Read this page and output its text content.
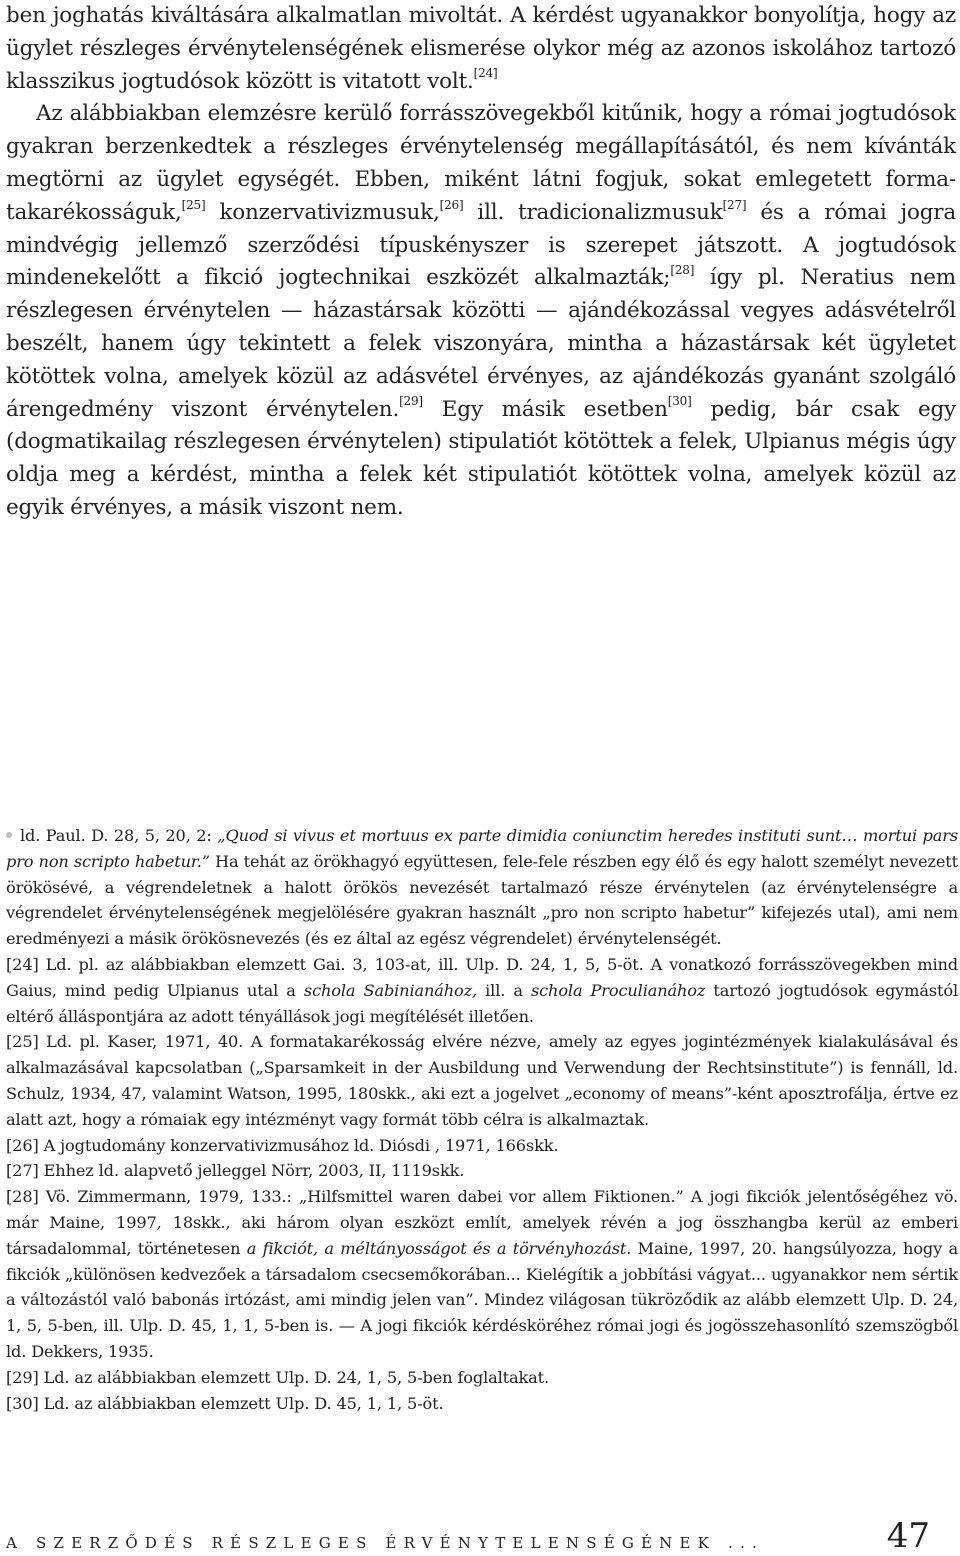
ben joghatás kiváltására alkalmatlan mivoltát. A kérdést ugyanakkor bonyolítja, hogy az ügylet részleges érvénytelenségének elismerése olykor még az azonos iskolához tartozó klasszikus jogtudósok között is vitatott volt.[24]

Az alábbiakban elemzésre kerülő forrásszövegekből kitűnik, hogy a római jogtudósok gyakran berzenkedtek a részleges érvénytelenség megállapításától, és nem kívánták megtörni az ügylet egységét. Ebben, miként látni fogjuk, sokat emlegetett forma-takarékosságuk,[25] konzervativizmusuk,[26] ill. tradicionalizmusuk[27] és a római jogra mindvégig jellemző szerződési típuskényszer is szerepet játszott. A jogtudósok mindenekelőtt a fikció jogtechnikai eszközét alkalmazták;[28] így pl. Neratius nem részlegesen érvénytelen — házastársak közötti — ajándékozással vegyes adásvételről beszélt, hanem úgy tekintett a felek viszonyára, mintha a házastársak két ügyletet kötöttek volna, amelyek közül az adásvétel érvényes, az ajándékozás gyanánt szolgáló árengedmény viszont érvénytelen.[29] Egy másik esetben[30] pedig, bár csak egy (dogmatikailag részlegesen érvénytelen) stipulatiót kötöttek a felek, Ulpianus mégis úgy oldja meg a kérdést, mintha a felek két stipulatiót kötöttek volna, amelyek közül az egyik érvényes, a másik viszont nem.

ld. Paul. D. 28, 5, 20, 2: „Quod si vivus et mortuus ex parte dimidia coniunctim heredes instituti sunt… mortui pars pro non scripto habetur.” Ha tehát az örökhagyó együttesen, fele-fele részben egy élő és egy halott személyt nevezett örökösévé, a végrendeletnek a halott örökös nevezését tartalmazó része érvénytelen (az érvénytelenségre a végrendelet érvénytelenségének megjelölésére gyakran használt „pro non scripto habetur” kifejezés utal), ami nem eredményezi a másik örökösnevezés (és ez által az egész végrendelet) érvénytelenségét.

[24] Ld. pl. az alábbiakban elemzett Gai. 3, 103-at, ill. Ulp. D. 24, 1, 5, 5-öt. A vonatkozó forrásszövegekben mind Gaius, mind pedig Ulpianus utal a schola Sabinianához, ill. a schola Proculianához tartozó jogtudósok egymástól eltérő álláspontjára az adott tényállások jogi megítélését illetően.

[25] Ld. pl. Kaser, 1971, 40. A formatakarékosság elvére nézve, amely az egyes jogintézmények kialakulásával és alkalmazásával kapcsolatban („Sparsamkeit in der Ausbildung und Verwendung der Rechtsinstitute”) is fennáll, ld. Schulz, 1934, 47, valamint Watson, 1995, 180skk., aki ezt a jogelvet „economy of means”-ként aposztrofálja, értve ez alatt azt, hogy a rómaiak egy intézményt vagy formát több célra is alkalmaztak.

[26] A jogtudomány konzervativizmusához ld. Diósdi , 1971, 166skk.

[27] Ehhez ld. alapvető jelleggel Nörr, 2003, II, 1119skk.

[28] Vö. Zimmermann, 1979, 133.: „Hilfsmittel waren dabei vor allem Fiktionen.” A jogi fikciók jelentőségéhez vö. már Maine, 1997, 18skk., aki három olyan eszközt említ, amelyek révén a jog összhangba kerül az emberi társadalommal, történetesen a fikciót, a méltányosságot és a törvényhozást. Maine, 1997, 20. hangsúlyozza, hogy a fikciók „különösen kedvezőek a társadalom csecsemőkorában... Kielégítik a jobbítási vágyat... ugyanakkor nem sértik a változástól való babonás irtózást, ami mindig jelen van”. Mindez világosan tükröződik az alább elemzett Ulp. D. 24, 1, 5, 5-ben, ill. Ulp. D. 45, 1, 1, 5-ben is. — A jogi fikciók kérdésköréhez római jogi és jogösszehasonlító szemszögből ld. Dekkers, 1935.

[29] Ld. az alábbiakban elemzett Ulp. D. 24, 1, 5, 5-ben foglaltakat.

[30] Ld. az alábbiakban elemzett Ulp. D. 45, 1, 1, 5-öt.

A SZERZŐDÉS RÉSZLEGES ÉRVÉNYTELENSÉGÉNEK ...	47
